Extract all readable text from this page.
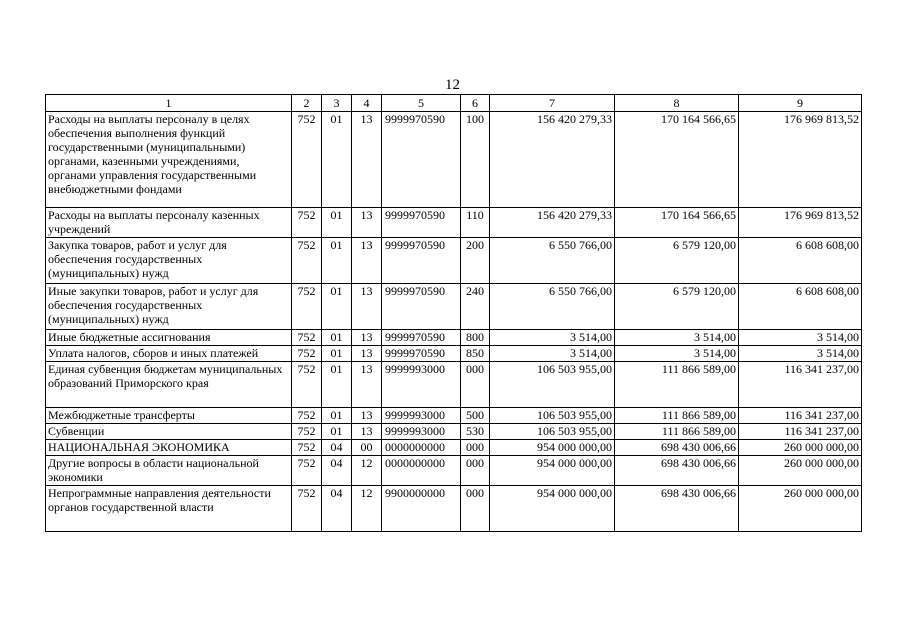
12
1	2	3	4	5	6	7	8	9
Расходы на выплаты персоналу в целях обеспечения выполнения функций государственными (муниципальными) органами, казенными учреждениями, органами управления государственными внебюджетными фондами	752	01	13	9999970590	100	156 420 279,33	170 164 566,65	176 969 813,52
Расходы на выплаты персоналу казенных учреждений	752	01	13	9999970590	110	156 420 279,33	170 164 566,65	176 969 813,52
Закупка товаров, работ и услуг для обеспечения государственных (муниципальных) нужд	752	01	13	9999970590	200	6 550 766,00	6 579 120,00	6 608 608,00
Иные закупки товаров, работ и услуг для обеспечения государственных (муниципальных) нужд	752	01	13	9999970590	240	6 550 766,00	6 579 120,00	6 608 608,00
Иные бюджетные ассигнования	752	01	13	9999970590	800	3 514,00	3 514,00	3 514,00
Уплата налогов, сборов и иных платежей	752	01	13	9999970590	850	3 514,00	3 514,00	3 514,00
Единая субвенция бюджетам муниципальных образований Приморского края	752	01	13	9999993000	000	106 503 955,00	111 866 589,00	116 341 237,00
Межбюджетные трансферты	752	01	13	9999993000	500	106 503 955,00	111 866 589,00	116 341 237,00
Субвенции	752	01	13	9999993000	530	106 503 955,00	111 866 589,00	116 341 237,00
НАЦИОНАЛЬНАЯ ЭКОНОМИКА	752	04	00	0000000000	000	954 000 000,00	698 430 006,66	260 000 000,00
Другие вопросы в области национальной экономики	752	04	12	0000000000	000	954 000 000,00	698 430 006,66	260 000 000,00
Непрограммные направления деятельности органов государственной власти	752	04	12	9900000000	000	954 000 000,00	698 430 006,66	260 000 000,00
